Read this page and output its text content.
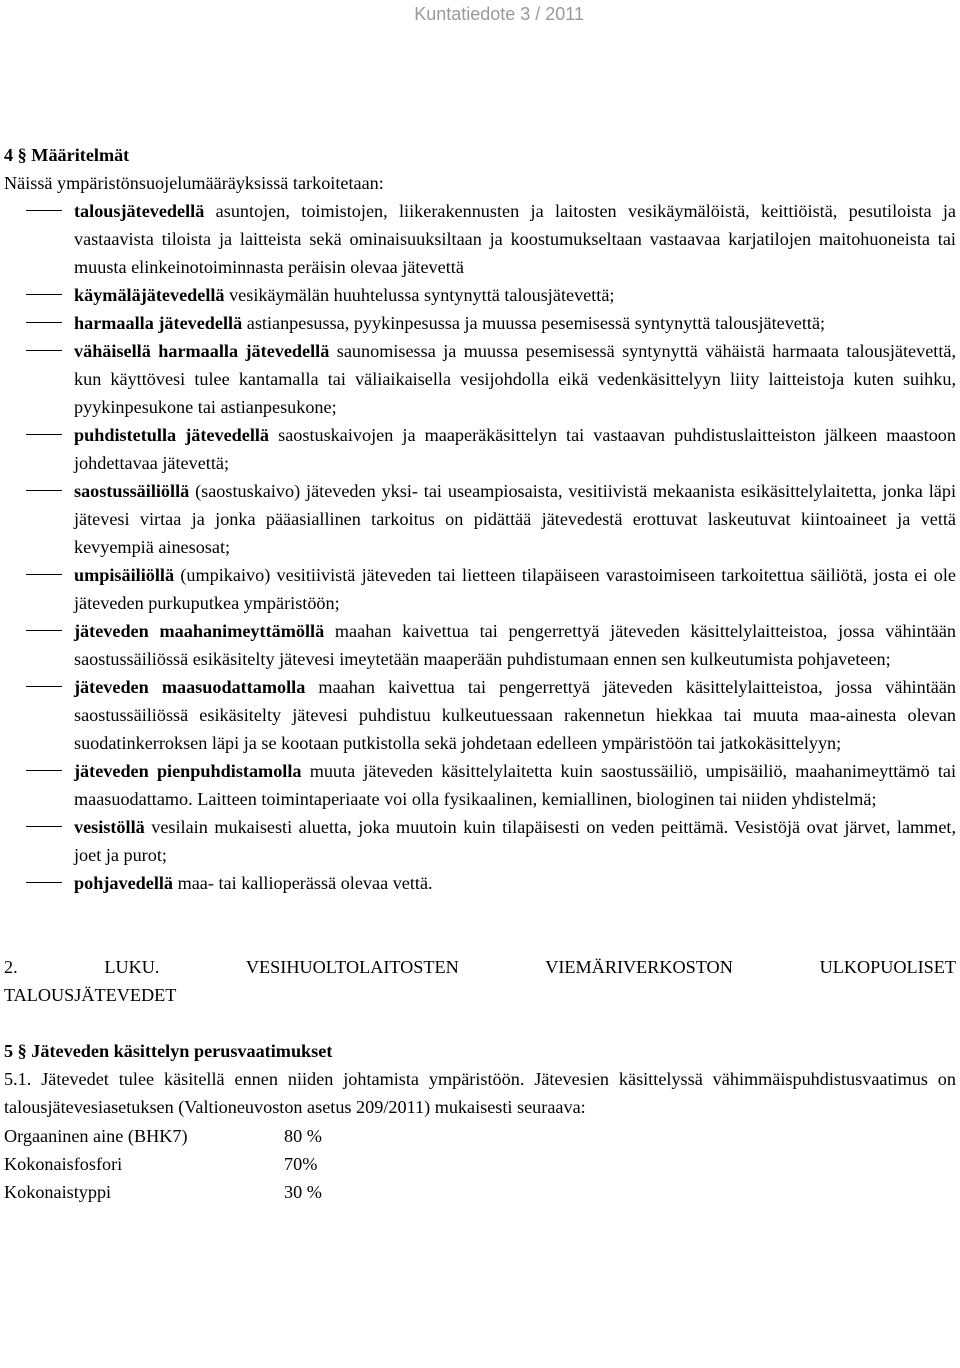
Kuntatiedote 3 / 2011
4 § Määritelmät

Näissä ympäristönsuojelumääräyksissä tarkoitetaan:

talousjätevedellä asuntojen, toimistojen, liikerakennusten ja laitosten vesikäymälöistä, keittiöistä, pesutiloista ja vastaavista tiloista ja laitteista sekä ominaisuuksiltaan ja koostumukseltaan vastaavaa karjatilojen maitohuoneista tai muusta elinkeinotoiminnasta peräisin olevaa jätevettä
käymäläjätevedellä vesikäymälän huuhtelussa syntynyttä talousjätevettä;
harmaalla jätevedellä astianpesussa, pyykinpesussa ja muussa pesemisessä syntynyttä talousjätevettä;
vähäisellä harmaalla jätevedellä saunomisessa ja muussa pesemisessä syntynyttä vähäistä harmaata talousjätevettä, kun käyttövesi tulee kantamalla tai väliaikaisella vesijohdolla eikä vedenkäsittelyyn liity laitteistoja kuten suihku, pyykinpesukone tai astianpesukone;
puhdistetulla jätevedellä saostuskaivojen ja maaperäkäsittelyn tai vastaavan puhdistuslaitteiston jälkeen maastoon johdettavaa jätevettä;
saostussäiliöllä (saostuskaivo) jäteveden yksi- tai useampiosaista, vesitiivistä mekaanista esikäsittelylaitetta, jonka läpi jätevesi virtaa ja jonka pääasiallinen tarkoitus on pidättää jätevedestä erottuvat laskeutuvat kiintoaineet ja vettä kevyempiä ainesosat;
umpisäiliöllä (umpikaivo) vesitiivistä jäteveden tai lietteen tilapäiseen varastoimiseen tarkoitettua säiliötä, josta ei ole jäteveden purkuputkea ympäristöön;
jäteveden maahanimeyttämöllä maahan kaivettua tai pengerrettyä jäteveden käsittelylaitteistoa, jossa vähintään saostussäiliössä esikäsitelty jätevesi imeytetään maaperään puhdistumaan ennen sen kulkeutumista pohjaveteen;
jäteveden maasuodattamolla maahan kaivettua tai pengerrettyä jäteveden käsittelylaitteistoa, jossa vähintään saostussäiliössä esikäsitelty jätevesi puhdistuu kulkeutuessaan rakennetun hiekkaa tai muuta maa-ainesta olevan suodatinkerroksen läpi ja se kootaan putkistolla sekä johdetaan edelleen ympäristöön tai jatkokäsittelyyn;
jäteveden pienpuhdistamolla muuta jäteveden käsittelylaitetta kuin saostussäiliö, umpisäiliö, maahanimeyttämö tai maasuodattamo. Laitteen toimintaperiaate voi olla fysikaalinen, kemiallinen, biologinen tai niiden yhdistelmä;
vesistöllä vesilain mukaisesti aluetta, joka muutoin kuin tilapäisesti on veden peittämä. Vesistöjä ovat järvet, lammet, joet ja purot;
pohjavedellä maa- tai kallioperässä olevaa vettä.
2. LUKU. VESIHUOLTOLAITOSTEN VIEMÄRIVERKOSTON ULKOPUOLISET
TALOUSJÄTEVEDET
5 § Jäteveden käsittelyn perusvaatimukset

5.1. Jätevedet tulee käsitellä ennen niiden johtamista ympäristöön. Jätevesien käsittelyssä vähimmäispuhdistusvaatimus on talousjätevesiasetuksen (Valtioneuvoston asetus 209/2011) mukaisesti seuraava:

Orgaaninen aine (BHK7)	80 %
Kokonaisfosfori	70%
Kokonaistyppi	30 %
